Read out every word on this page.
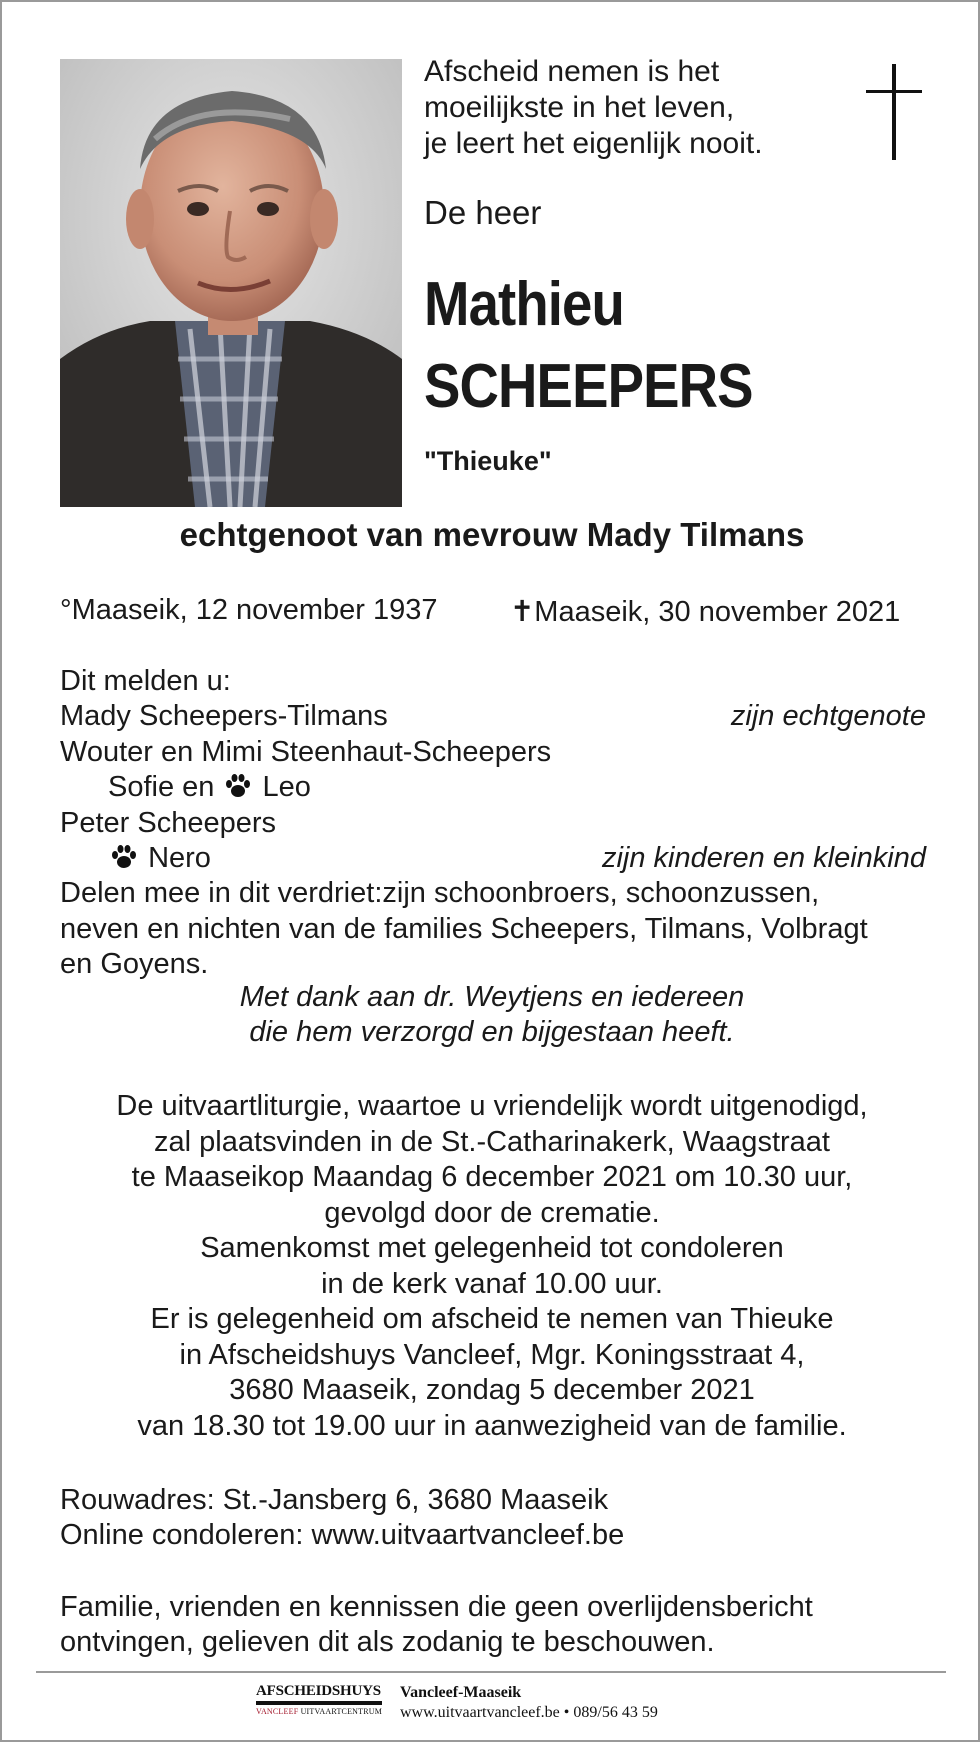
Afscheid nemen is het
moeilijkste in het leven,
je leert het eigenlijk nooit.
De heer
Mathieu
SCHEEPERS
"Thieuke"
echtgenoot van mevrouw Mady Tilmans
°Maaseik, 12 november 1937 ✝Maaseik, 30 november 2021
Dit melden u:
Mady Scheepers-Tilmans	zijn echtgenote
Wouter en Mimi Steenhaut-Scheepers
Sofie en Leo
Peter Scheepers
Nero	zijn kinderen en kleinkind
Delen mee in dit verdriet:zijn schoonbroers, schoonzussen,
neven en nichten van de families Scheepers, Tilmans, Volbragt
en Goyens.
Met dank aan dr. Weytjens en iedereen
die hem verzorgd en bijgestaan heeft.
De uitvaartliturgie, waartoe u vriendelijk wordt uitgenodigd,
zal plaatsvinden in de St.-Catharinakerk, Waagstraat
te Maaseikop Maandag 6 december 2021 om 10.30 uur,
gevolgd door de crematie.
Samenkomst met gelegenheid tot condoleren
in de kerk vanaf 10.00 uur.
Er is gelegenheid om afscheid te nemen van Thieuke
in Afscheidshuys Vancleef, Mgr. Koningsstraat 4,
3680 Maaseik, zondag 5 december 2021
van 18.30 tot 19.00 uur in aanwezigheid van de familie.
Rouwadres: St.-Jansberg 6, 3680 Maaseik
Online condoleren: www.uitvaartvancleef.be
Familie, vrienden en kennissen die geen overlijdensbericht
ontvingen, gelieven dit als zodanig te beschouwen.
AFSCHEIDSHUYS
VANCLEEF UITVAARTCENTRUM
Vancleef-Maaseik
www.uitvaartvancleef.be • 089/56 43 59
